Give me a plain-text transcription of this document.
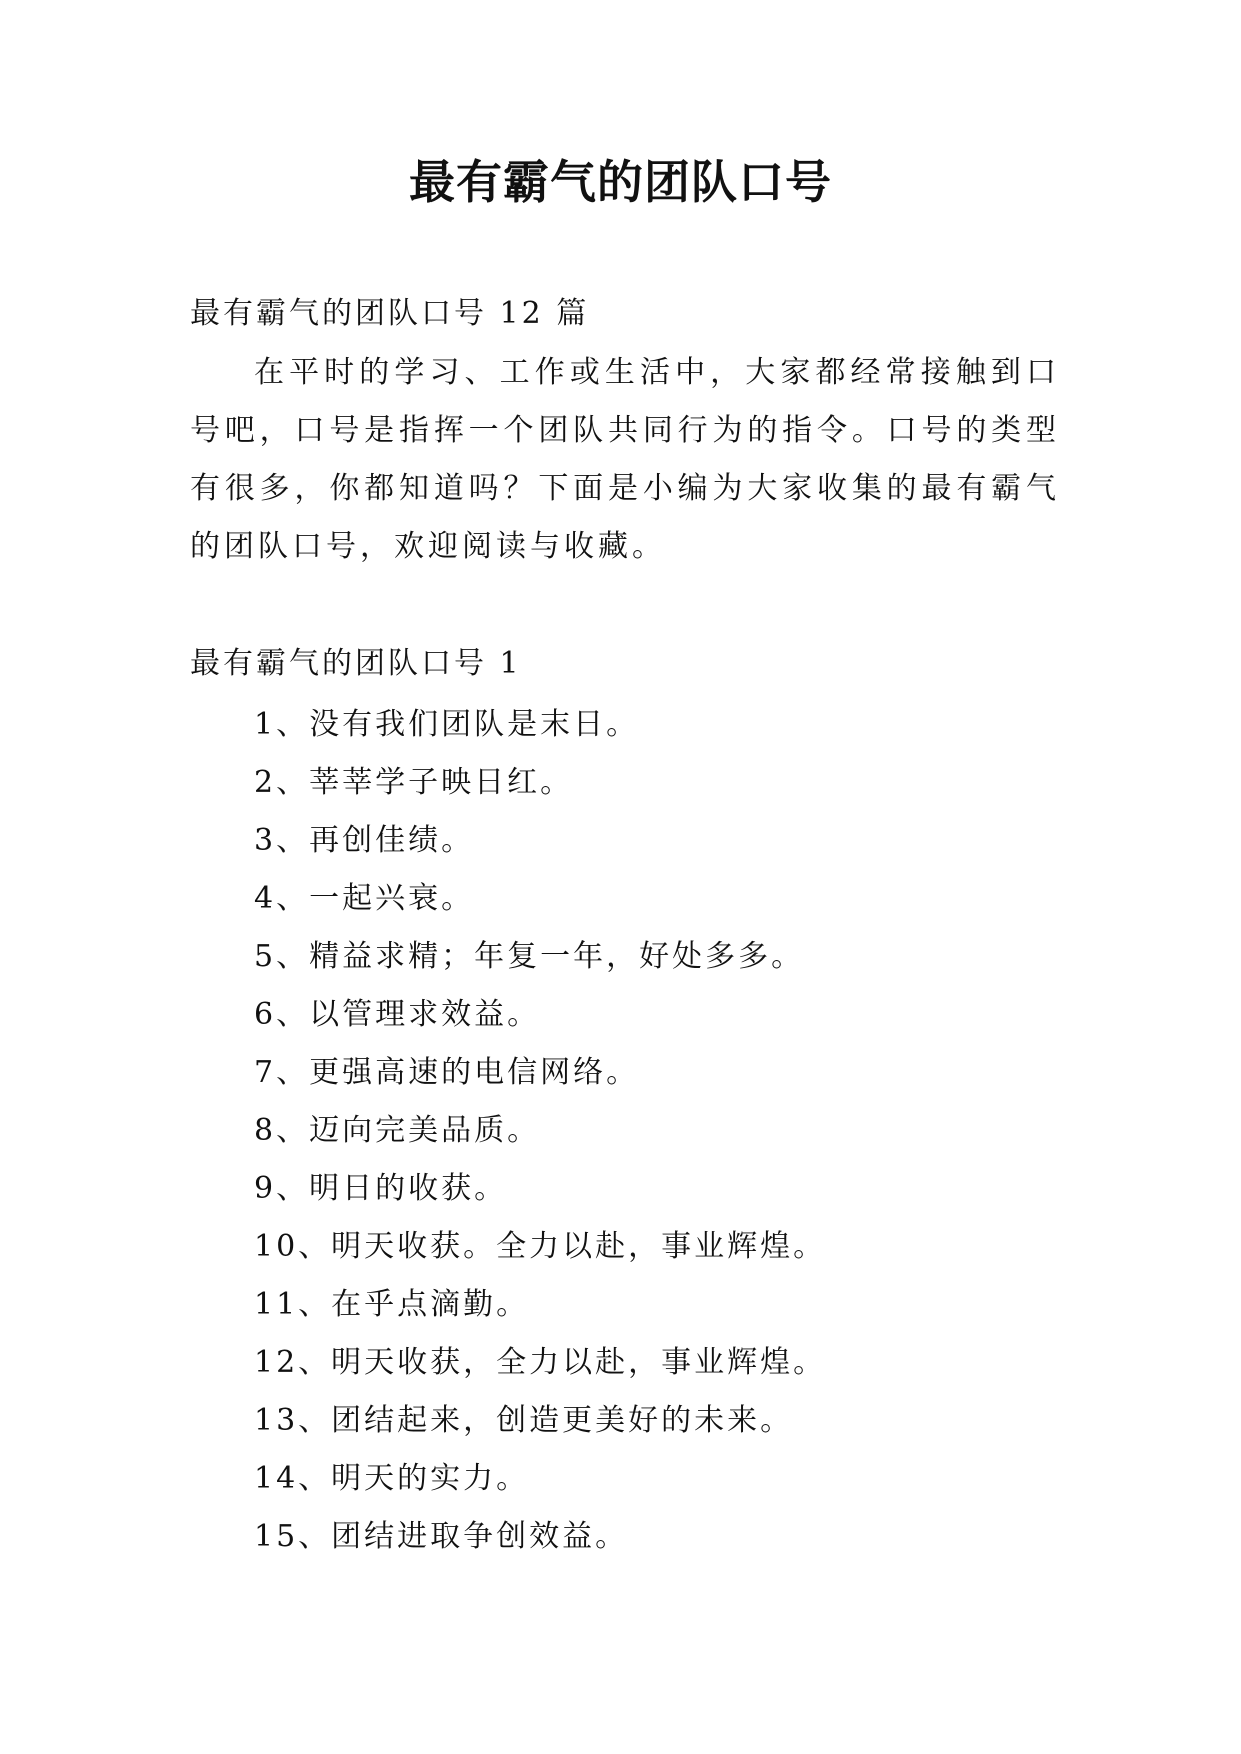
最有霸气的团队口号

最有霸气的团队口号 12 篇

在平时的学习、工作或生活中，大家都经常接触到口号吧，口号是指挥一个团队共同行为的指令。口号的类型有很多，你都知道吗？下面是小编为大家收集的最有霸气的团队口号，欢迎阅读与收藏。

最有霸气的团队口号 1

1、没有我们团队是末日。
2、莘莘学子映日红。
3、再创佳绩。
4、一起兴衰。
5、精益求精；年复一年，好处多多。
6、以管理求效益。
7、更强高速的电信网络。
8、迈向完美品质。
9、明日的收获。
10、明天收获。全力以赴，事业辉煌。
11、在乎点滴勤。
12、明天收获，全力以赴，事业辉煌。
13、团结起来，创造更美好的未来。
14、明天的实力。
15、团结进取争创效益。
